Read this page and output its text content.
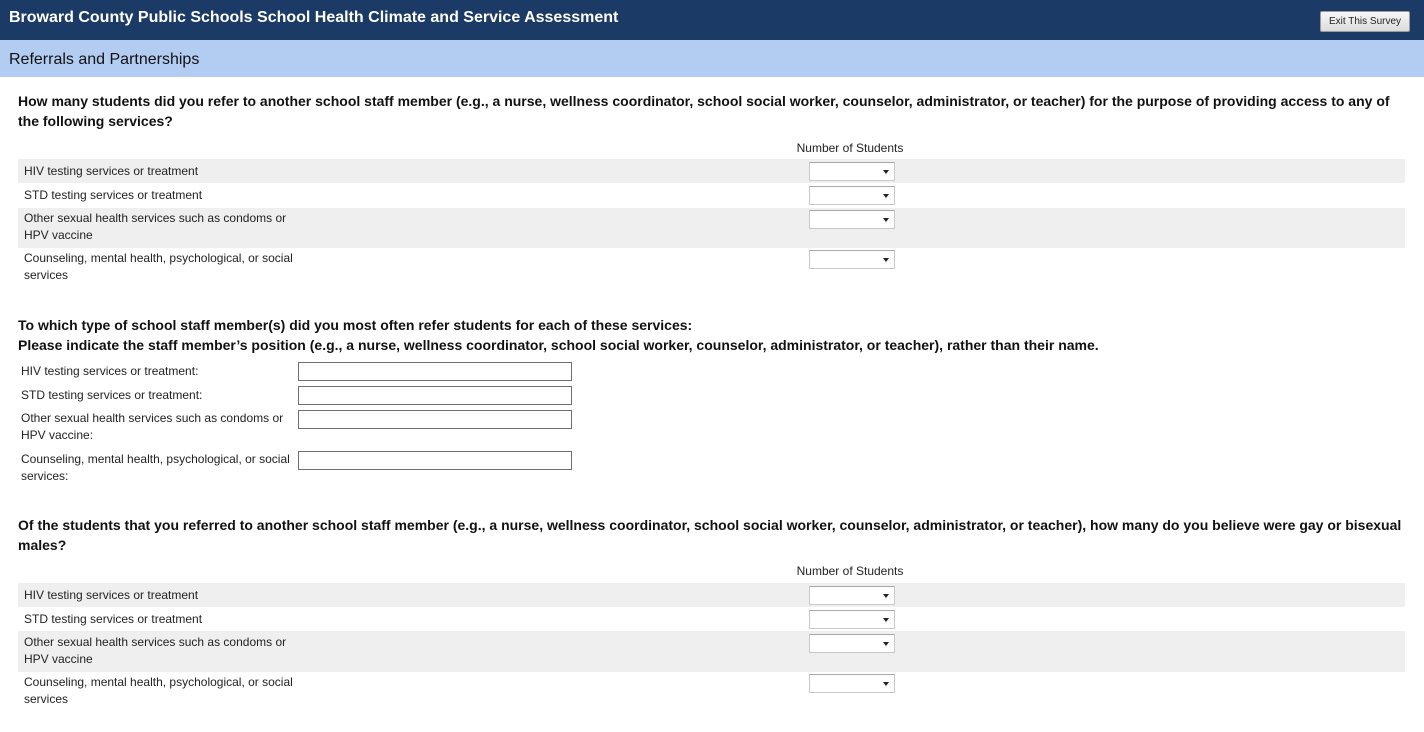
Broward County Public Schools School Health Climate and Service Assessment	Exit This Survey
Referrals and Partnerships
How many students did you refer to another school staff member (e.g., a nurse, wellness coordinator, school social worker, counselor, administrator, or teacher) for the purpose of providing access to any of the following services?
Number of Students
HIV testing services or treatment
STD testing services or treatment
Other sexual health services such as condoms or HPV vaccine
Counseling, mental health, psychological, or social services
To which type of school staff member(s) did you most often refer students for each of these services:
Please indicate the staff member’s position (e.g., a nurse, wellness coordinator, school social worker, counselor, administrator, or teacher), rather than their name.
HIV testing services or treatment:
STD testing services or treatment:
Other sexual health services such as condoms or HPV vaccine:
Counseling, mental health, psychological, or social services:
Of the students that you referred to another school staff member (e.g., a nurse, wellness coordinator, school social worker, counselor, administrator, or teacher), how many do you believe were gay or bisexual males?
Number of Students
HIV testing services or treatment
STD testing services or treatment
Other sexual health services such as condoms or HPV vaccine
Counseling, mental health, psychological, or social services
